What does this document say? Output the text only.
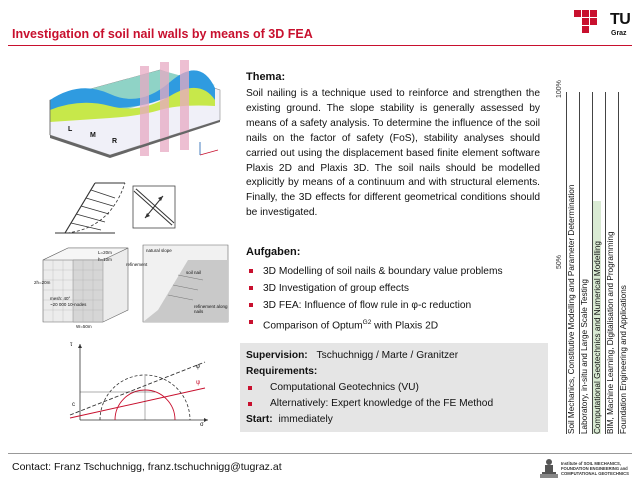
Investigation of soil nail walls by means of 3D FEA
TU
Graz
L
M
R
L=20m
h=10m
2h=20m
W=50m
mesh: 40°
~20 000 10-nodes
refinement
refinement along nails
natural slope
soil nail
τ
σ
φ
ψ
c
Thema:
Soil nailing is a technique used to reinforce and strengthen the existing ground. The slope stability is generally assessed by means of a safety analysis. To determine the influence of the soil nails on the factor of safety (FoS), stability analyses should carried out using the displacement based finite element software Plaxis 2D and Plaxis 3D. The soil nails should be modelled explicitly by means of a continuum and with structural elements. Finally, the 3D effects for different geometrical conditions should be investigated.
Aufgaben:
3D Modelling of soil nails & boundary value problems
3D Investigation of group effects
3D FEA: Influence of flow rule in φ-c reduction
Comparison of Optum$^{G2}$ with Plaxis 2D
Supervision: Tschuchnigg / Marte / Granitzer
Requirements:
Computational Geotechnics (VU)
Alternatively: Expert knowledge of the FE Method
Start: immediately
100%
50% Soil Mechanics, Constitutive Modelling and Parameter Determination Laboratory, in-situ and Large Scale Testing Computational Geotechnics and Numerical Modelling BIM, Machine Learning, Digitalisation and Programming Foundation Engineering and Applications
Contact: Franz Tschuchnigg, franz.tschuchnigg@tugraz.at	Institute of SOIL MECHANICS,
FOUNDATION ENGINEERING and
COMPUTATIONAL GEOTECHNICS
